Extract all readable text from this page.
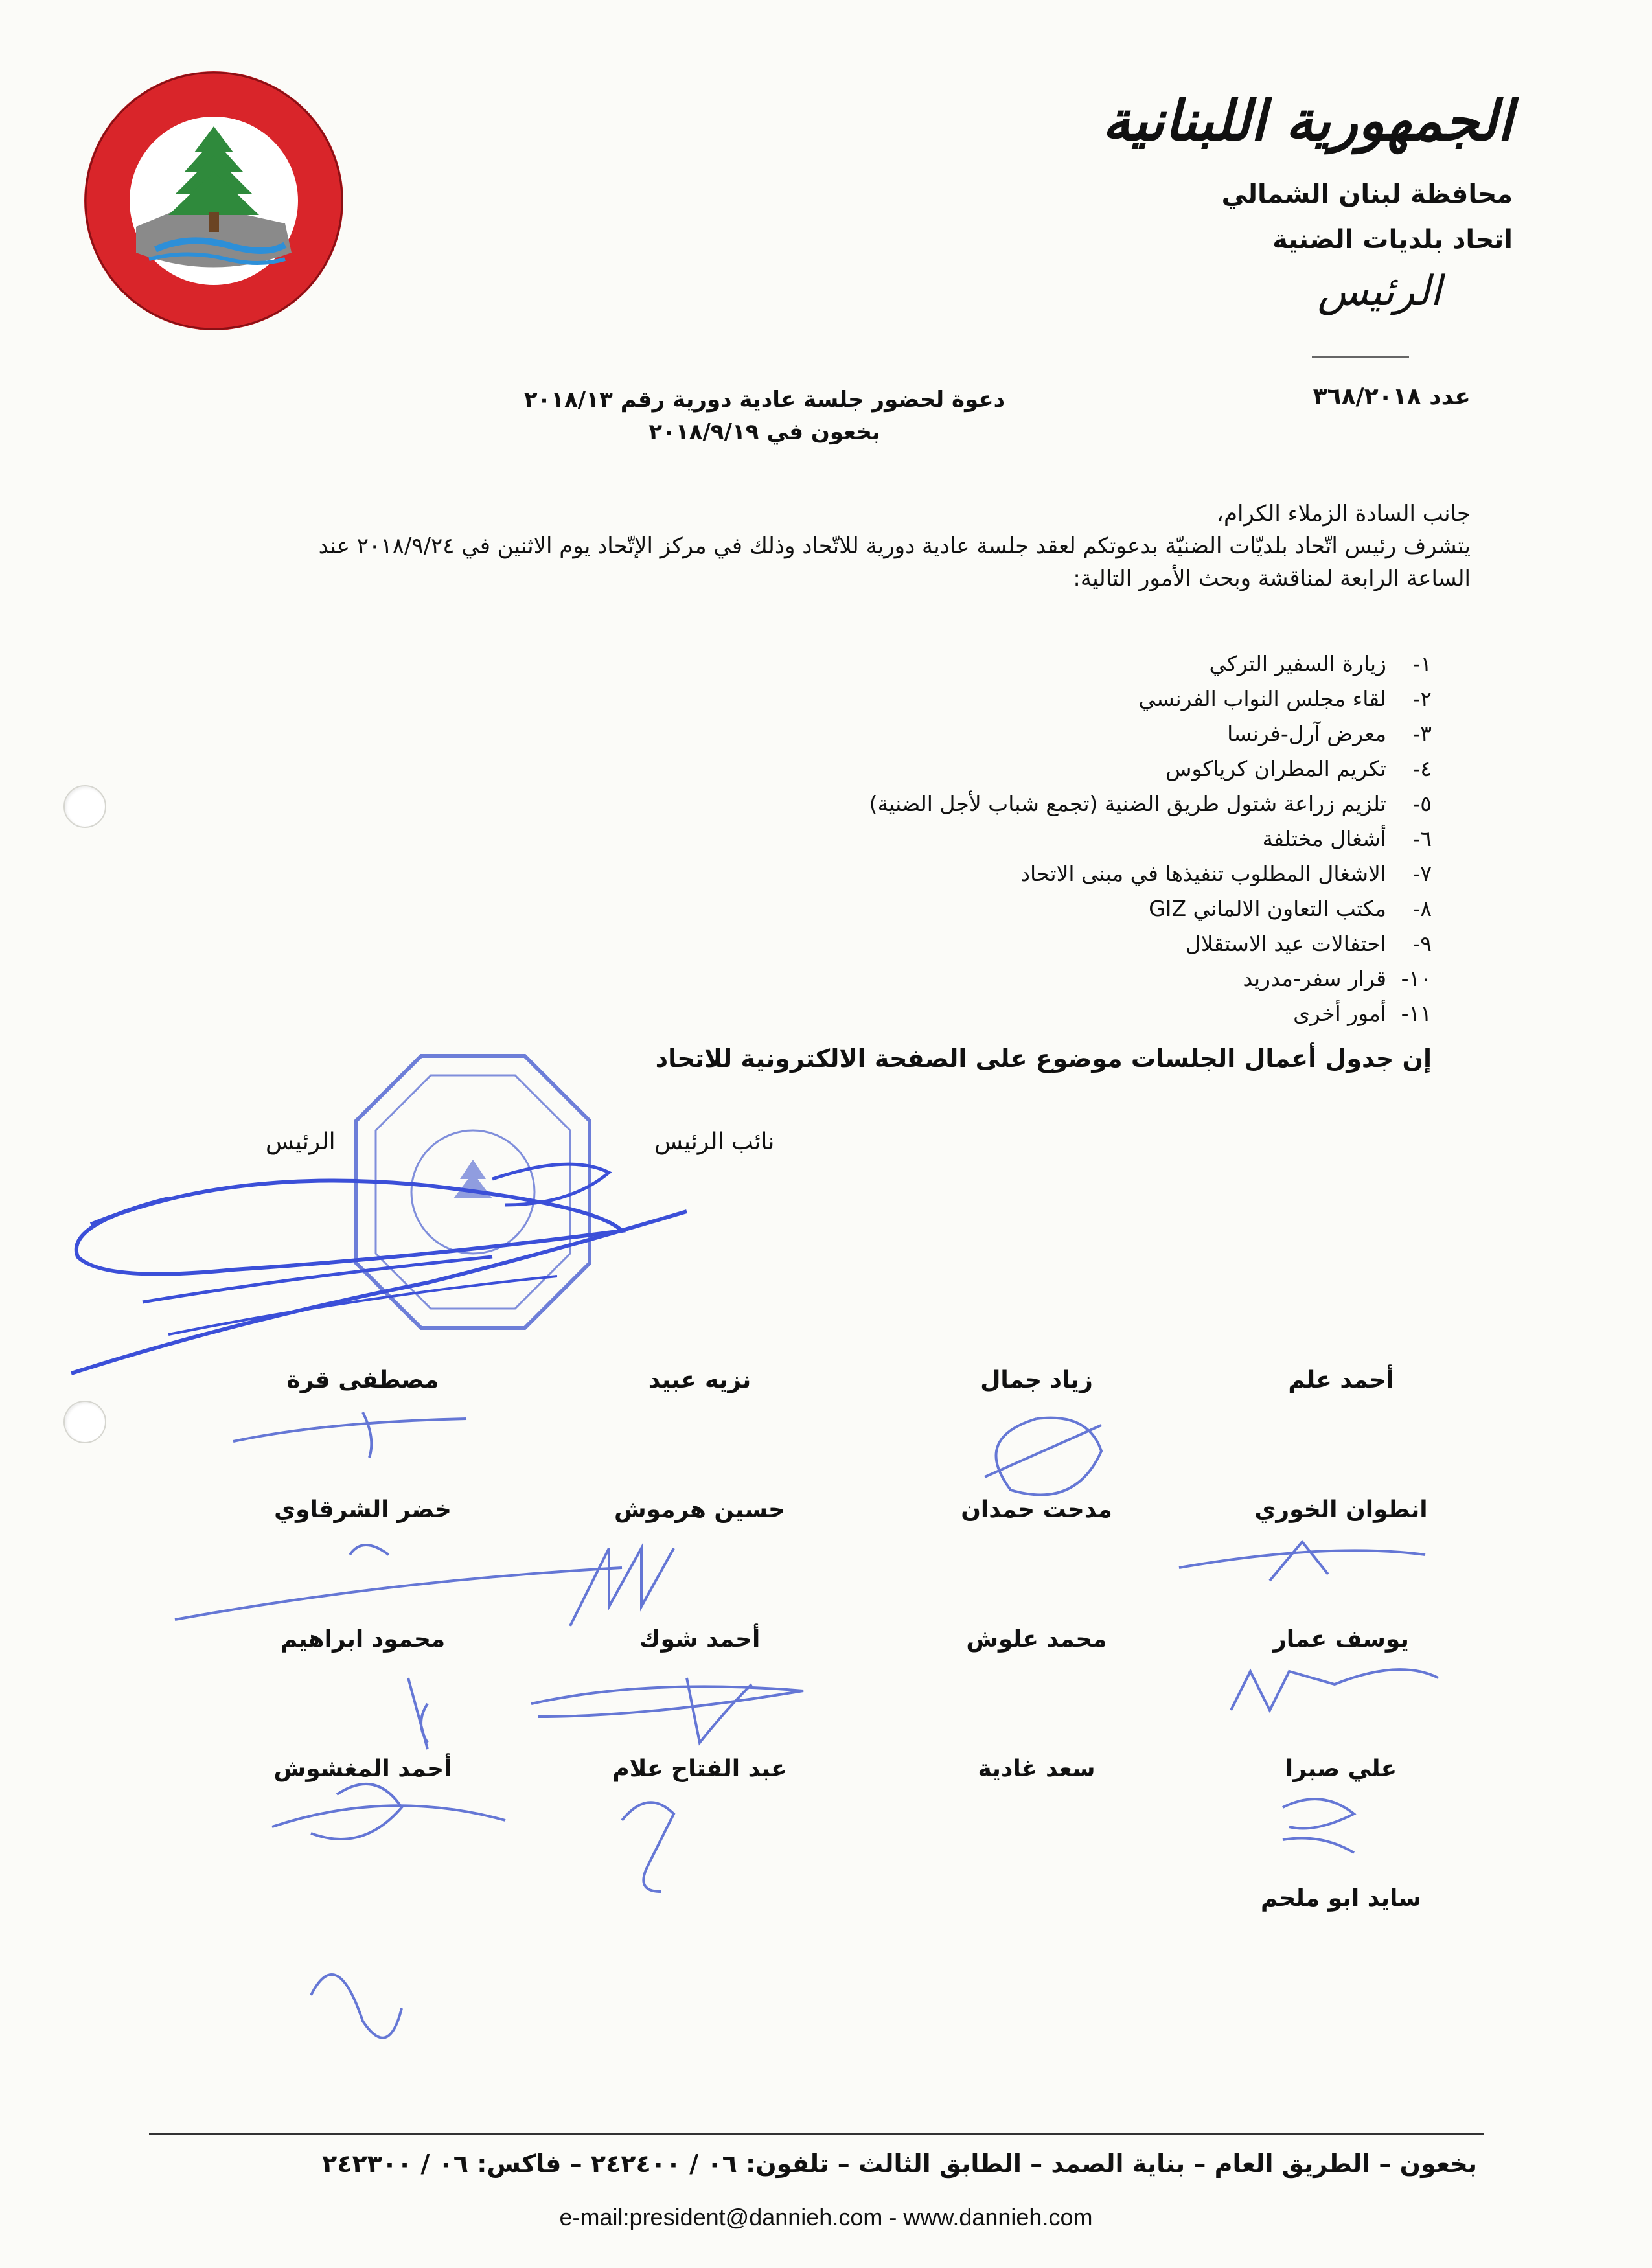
الجمهورية اللبنانية
محافظة لبنان الشمالي
اتحاد بلديات الضنية
الرئيس
عدد ٣٦٨/٢٠١٨
دعوة لحضور جلسة عادية دورية رقم ٢٠١٨/١٣
بخعون في ٢٠١٨/٩/١٩
جانب السادة الزملاء الكرام،
يتشرف رئيس اتّحاد بلديّات الضنيّة بدعوتكم لعقد جلسة عادية دورية للاتّحاد وذلك في مركز الإتّحاد يوم الاثنين في ٢٠١٨/٩/٢٤ عند
الساعة الرابعة لمناقشة وبحث الأمور التالية:
١-زيارة السفير التركي
٢-لقاء مجلس النواب الفرنسي
٣-معرض آرل-فرنسا
٤-تكريم المطران كرياكوس
٥-تلزيم زراعة شتول طريق الضنية (تجمع شباب لأجل الضنية)
٦-أشغال مختلفة
٧-الاشغال المطلوب تنفيذها في مبنى الاتحاد
٨-مكتب التعاون الالماني GIZ
٩-احتفالات عيد الاستقلال
١٠-قرار سفر-مدريد
١١-أمور أخرى
إن جدول أعمال الجلسات موضوع على الصفحة الالكترونية للاتحاد
نائب الرئيس
الرئيس
أحمد علم
زياد جمال
نزيه عبيد
مصطفى قرة
انطوان الخوري
مدحت حمدان
حسين هرموش
خضر الشرقاوي
يوسف عمار
محمد علوش
أحمد شوك
محمود ابراهيم
علي صبرا
سعد غادية
عبد الفتاح علام
أحمد المغشوش
سايد ابو ملحم
بخعون – الطريق العام – بناية الصمد – الطابق الثالث – تلفون: ٠٦ / ٢٤٢٤٠٠ – فاكس: ٠٦ / ٢٤٢٣٠٠
e-mail:president@dannieh.com - www.dannieh.com
